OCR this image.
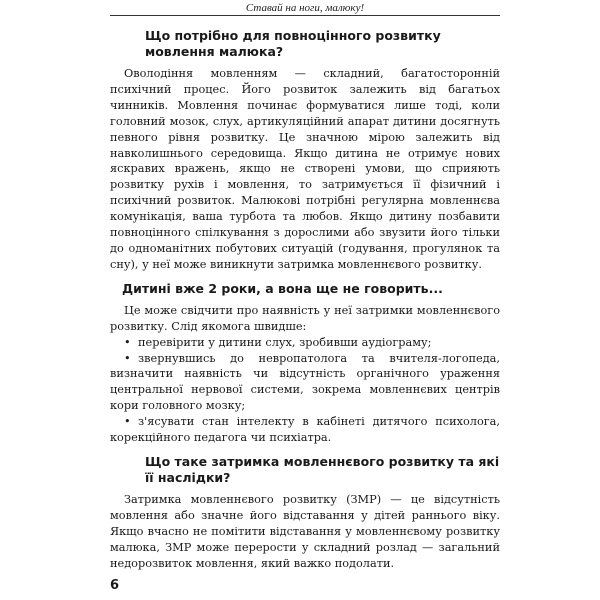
Ставай на ноги, малюку!
Що потрібно для повноцінного розвитку мовлення малюка?

Оволодіння мовленням — складний, багатосторонній психічний процес. Його розвиток залежить від багатьох чинників. Мовлення починає формуватися лише тоді, коли головний мозок, слух, артикуляційний апарат дитини досягнуть певного рівня розвитку. Це значною мірою залежить від навколишнього середовища. Якщо дитина не отримує нових яскравих вражень, якщо не створені умови, що сприяють розвитку рухів і мовлення, то затримується її фізичний і психічний розвиток. Малюкові потрібні регулярна мовленнєва комунікація, ваша турбота та любов. Якщо дитину позбавити повноцінного спілкування з дорослими або звузити його тільки до одноманітних побутових ситуацій (годування, прогулянок та сну), у неї може виникнути затримка мовленнєвого розвитку.

Дитині вже 2 роки, а вона ще не говорить...

Це може свідчити про наявність у неї затримки мовленнєвого розвитку. Слід якомога швидше:

• перевірити у дитини слух, зробивши аудіограму;

• звернувшись до невропатолога та вчителя-логопеда, визначити наявність чи відсутність органічного ураження центральної нервової системи, зокрема мовленнєвих центрів кори головного мозку;

• з'ясувати стан інтелекту в кабінеті дитячого психолога, корекційного педагога чи психіатра.

Що таке затримка мовленнєвого розвитку та які її наслідки?

Затримка мовленнєвого розвитку (ЗМР) — це відсутність мовлення або значне його відставання у дітей раннього віку. Якщо вчасно не помітити відставання у мовленнєвому розвитку малюка, ЗМР може перерости у складний розлад — загальний недорозвиток мовлення, який важко подолати.

6
